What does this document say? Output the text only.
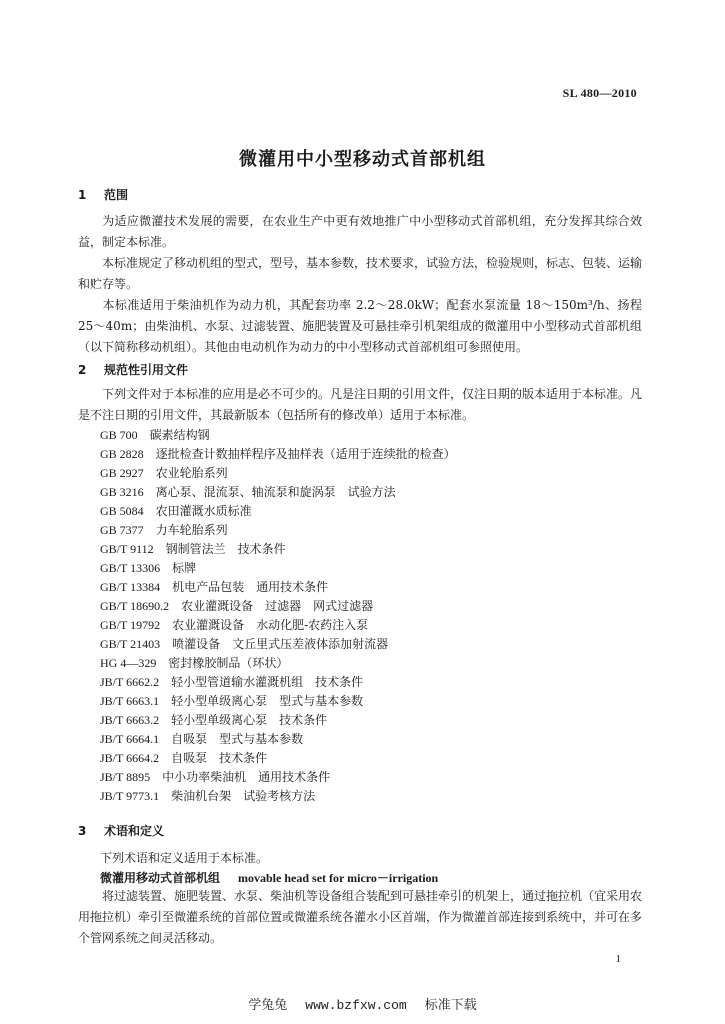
SL 480—2010
微灌用中小型移动式首部机组
1 范围
为适应微灌技术发展的需要，在农业生产中更有效地推广中小型移动式首部机组，充分发挥其综合效益，制定本标准。
本标准规定了移动机组的型式，型号，基本参数，技术要求，试验方法，检验规则，标志、包装、运输和贮存等。
本标准适用于柴油机作为动力机，其配套功率 2.2～28.0kW；配套水泵流量 18～150m³/h、扬程 25～40m；由柴油机、水泵、过滤装置、施肥装置及可悬挂牵引机架组成的微灌用中小型移动式首部机组（以下简称移动机组）。其他由电动机作为动力的中小型移动式首部机组可参照使用。
2 规范性引用文件
下列文件对于本标准的应用是必不可少的。凡是注日期的引用文件，仅注日期的版本适用于本标准。凡是不注日期的引用文件，其最新版本（包括所有的修改单）适用于本标准。
GB 700 碳素结构钢
GB 2828 逐批检查计数抽样程序及抽样表（适用于连续批的检查）
GB 2927 农业轮胎系列
GB 3216 离心泵、混流泵、轴流泵和旋涡泵　试验方法
GB 5084 农田灌溉水质标准
GB 7377 力车轮胎系列
GB/T 9112 钢制管法兰　技术条件
GB/T 13306 标牌
GB/T 13384 机电产品包装　通用技术条件
GB/T 18690.2 农业灌溉设备　过滤器　网式过滤器
GB/T 19792 农业灌溉设备　水动化肥-农药注入泵
GB/T 21403 喷灌设备　文丘里式压差液体添加射流器
HG 4—329 密封橡胶制品（环状）
JB/T 6662.2 轻小型管道输水灌溉机组　技术条件
JB/T 6663.1 轻小型单级离心泵　型式与基本参数
JB/T 6663.2 轻小型单级离心泵　技术条件
JB/T 6664.1 自吸泵　型式与基本参数
JB/T 6664.2 自吸泵　技术条件
JB/T 8895 中小功率柴油机　通用技术条件
JB/T 9773.1 柴油机台架　试验考核方法
3 术语和定义
下列术语和定义适用于本标准。
微灌用移动式首部机组 movable head set for micro－irrigation
将过滤装置、施肥装置、水泵、柴油机等设备组合装配到可悬挂牵引的机架上，通过拖拉机（宜采用农用拖拉机）牵引至微灌系统的首部位置或微灌系统各灌水小区首端，作为微灌首部连接到系统中，并可在多个管网系统之间灵活移动。
1
学兔兔 www.bzfxw.com 标准下载
